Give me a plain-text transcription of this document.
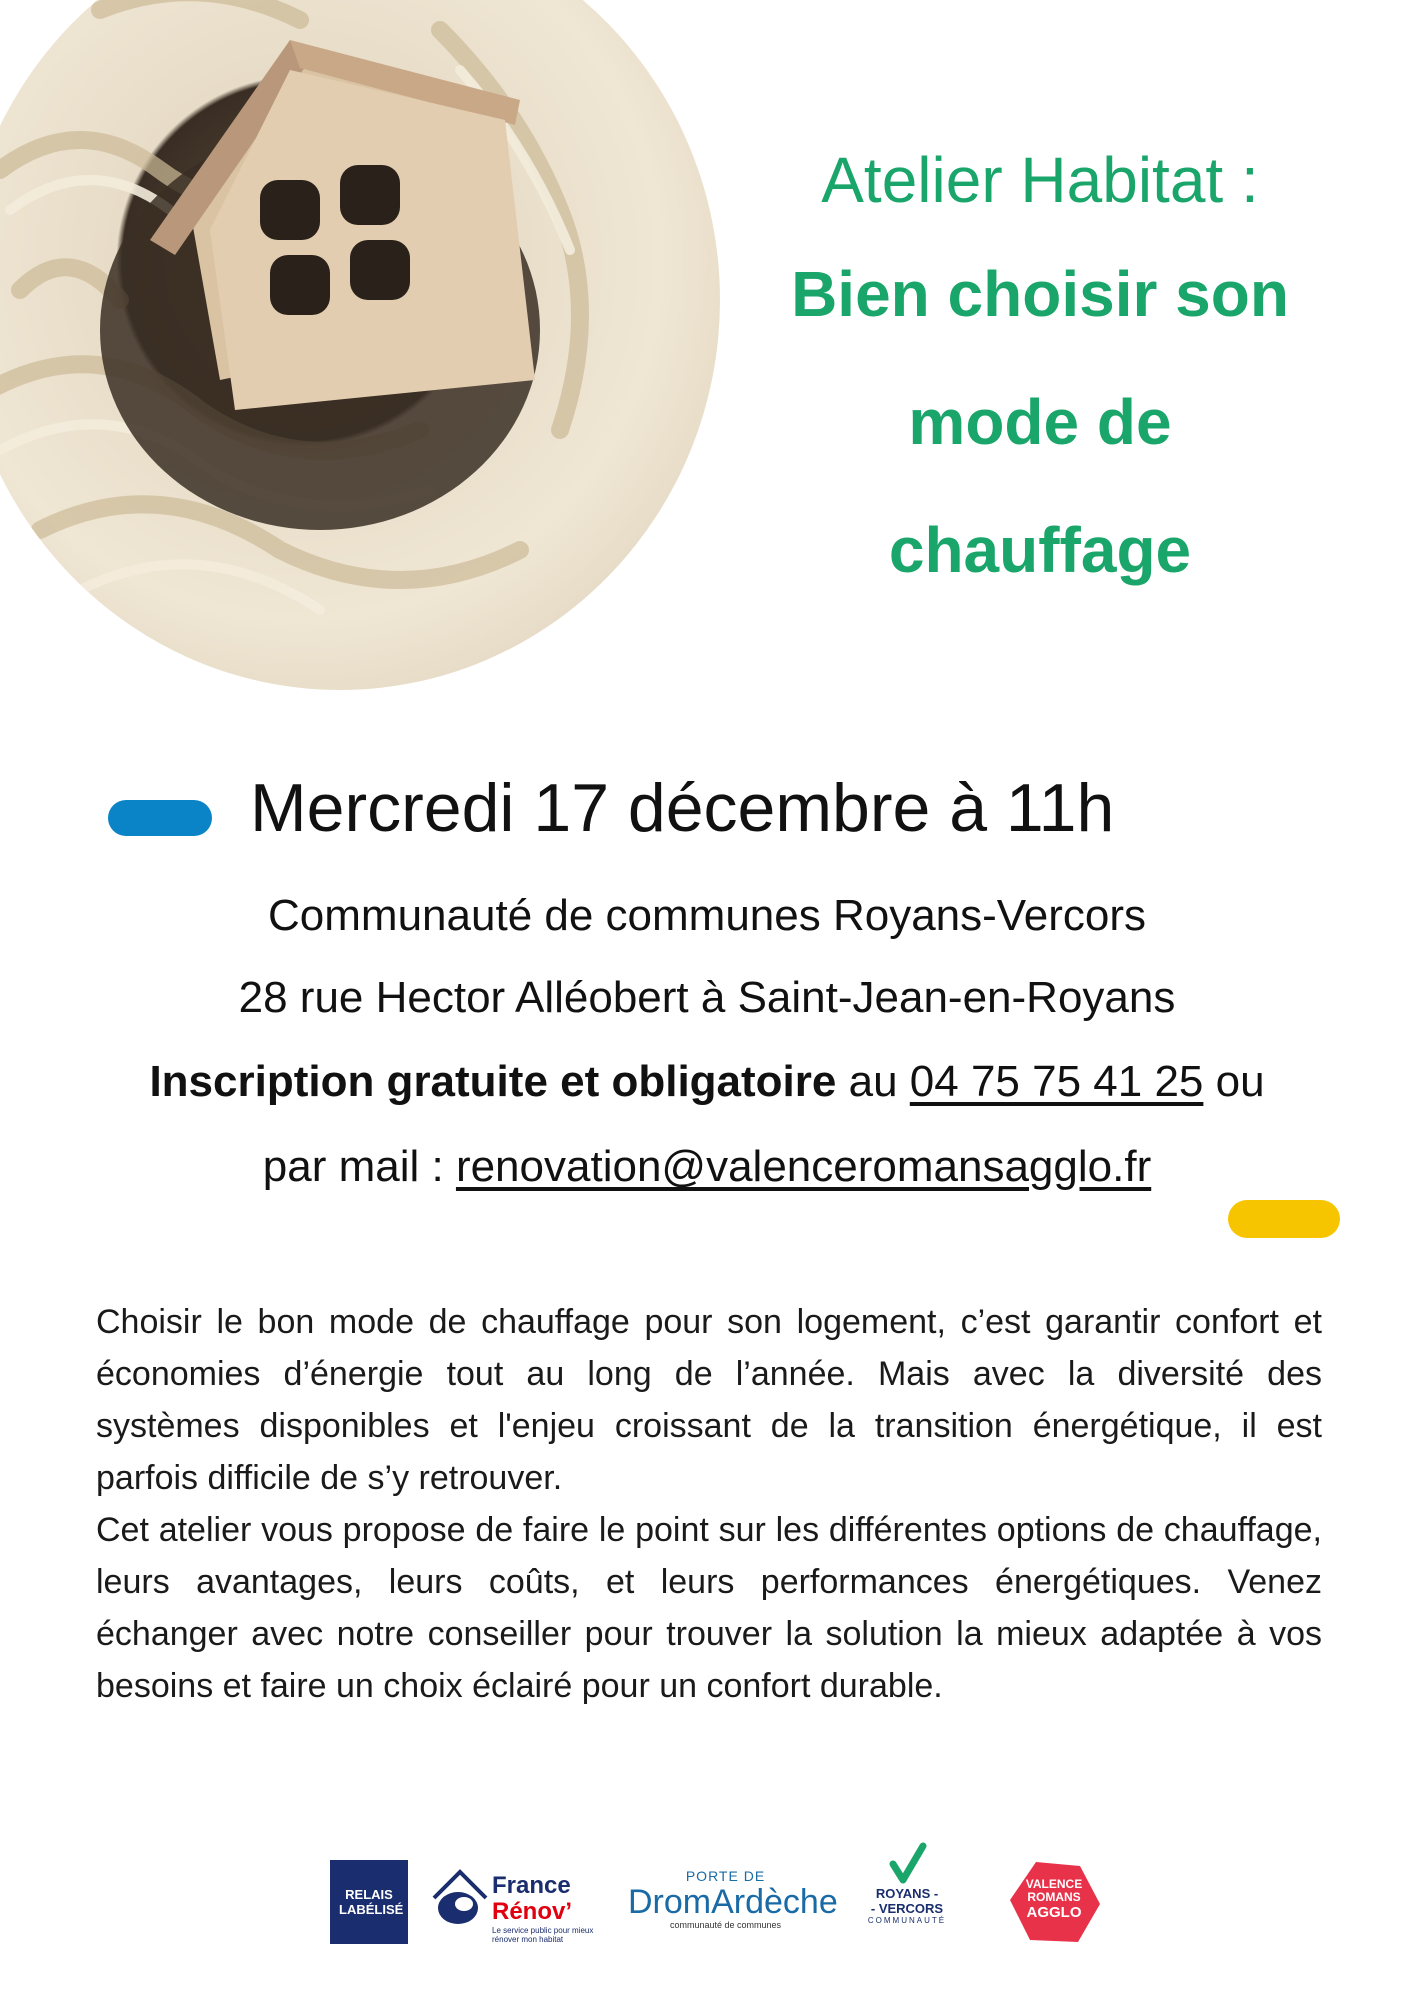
Atelier Habitat :
Bien choisir son
mode de
chauffage
Mercredi 17 décembre à 11h
Communauté de communes Royans-Vercors
28 rue Hector Alléobert à Saint-Jean-en-Royans
Inscription gratuite et obligatoire au 04 75 75 41 25 ou
par mail : renovation@valenceromansagglo.fr

Choisir le bon mode de chauffage pour son logement, c’est garantir confort et économies d’énergie tout au long de l’année. Mais avec la diversité des systèmes disponibles et l'enjeu croissant de la transition énergétique, il est parfois difficile de s’y retrouver.

Cet atelier vous propose de faire le point sur les différentes options de chauffage, leurs avantages, leurs coûts, et leurs performances énergétiques. Venez échanger avec notre conseiller pour trouver la solution la mieux adaptée à vos besoins et faire un choix éclairé pour un confort durable.

RELAIS LABÉLISÉ
France
Rénov’
Le service public pour mieux rénover mon habitat
PORTE DE
DromArdèche
communauté de communes
ROYANS -
- VERCORS
COMMUNAUTÉ
VALENCE
ROMANS
AGGLO
